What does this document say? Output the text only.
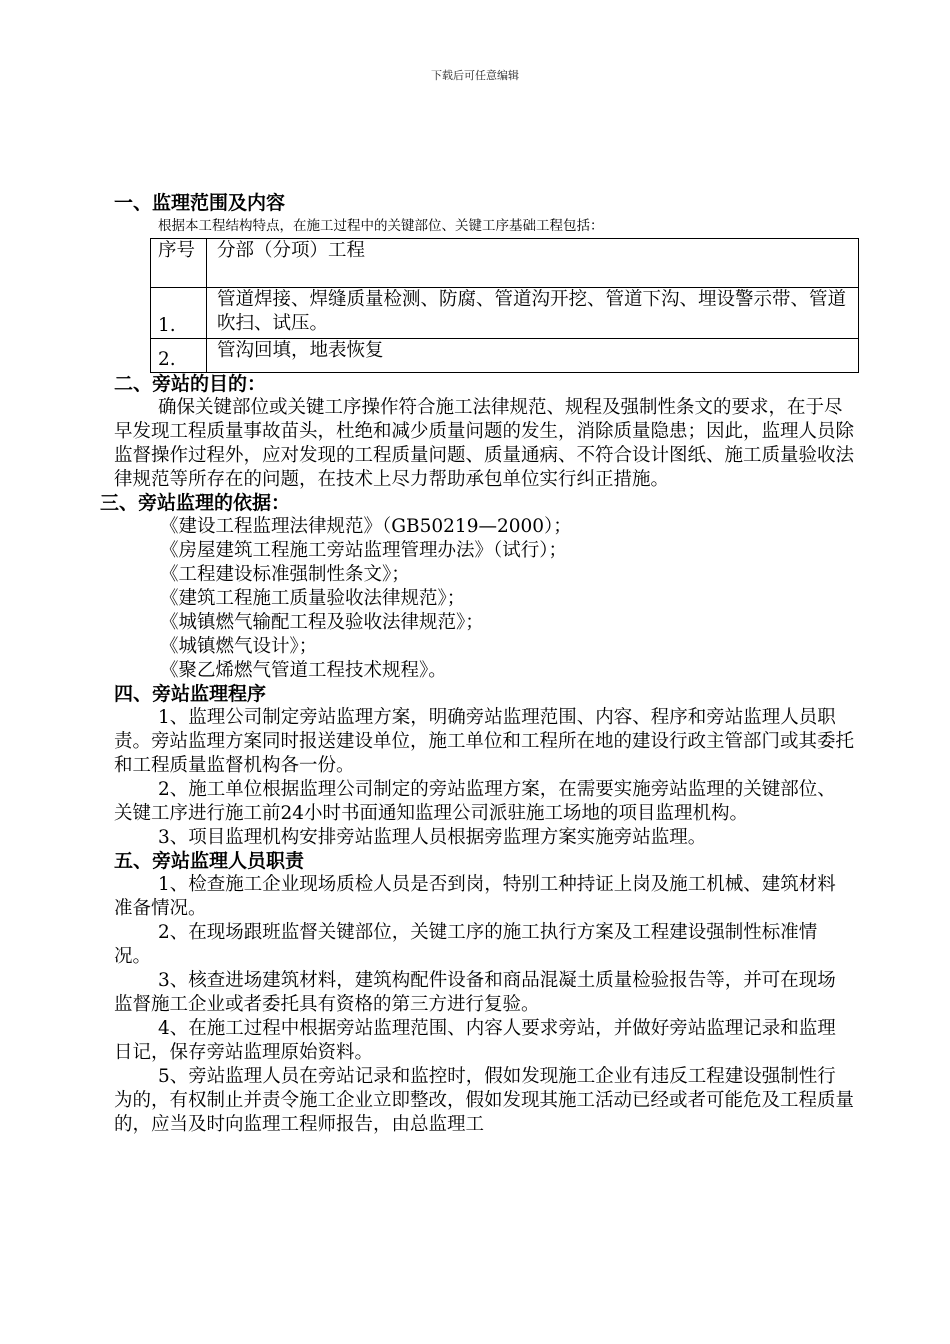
下载后可任意编辑
一、监理范围及内容
根据本工程结构特点，在施工过程中的关键部位、关键工序基础工程包括：
序号	分部（分项）工程
1.	管道焊接、焊缝质量检测、防腐、管道沟开挖、管道下沟、埋设警示带、管道吹扫、试压。
2.	管沟回填，地表恢复
二、旁站的目的：

确保关键部位或关键工序操作符合施工法律规范、规程及强制性条文的要求，在于尽早发现工程质量事故苗头，杜绝和减少质量问题的发生，消除质量隐患；因此，监理人员除监督操作过程外，应对发现的工程质量问题、质量通病、不符合设计图纸、施工质量验收法律规范等所存在的问题，在技术上尽力帮助承包单位实行纠正措施。

三、旁站监理的依据：
《建设工程监理法律规范》（GB50219—2000）；
《房屋建筑工程施工旁站监理管理办法》（试行）；
《工程建设标准强制性条文》；
《建筑工程施工质量验收法律规范》；
《城镇燃气输配工程及验收法律规范》；
《城镇燃气设计》；
《聚乙烯燃气管道工程技术规程》。
四、旁站监理程序

1、监理公司制定旁站监理方案，明确旁站监理范围、内容、程序和旁站监理人员职责。旁站监理方案同时报送建设单位，施工单位和工程所在地的建设行政主管部门或其委托和工程质量监督机构各一份。

2、施工单位根据监理公司制定的旁站监理方案，在需要实施旁站监理的关键部位、关键工序进行施工前24小时书面通知监理公司派驻施工场地的项目监理机构。

3、项目监理机构安排旁站监理人员根据旁监理方案实施旁站监理。

五、旁站监理人员职责

1、检查施工企业现场质检人员是否到岗，特别工种持证上岗及施工机械、建筑材料准备情况。

2、在现场跟班监督关键部位，关键工序的施工执行方案及工程建设强制性标准情况。

3、核查进场建筑材料，建筑构配件设备和商品混凝土质量检验报告等，并可在现场监督施工企业或者委托具有资格的第三方进行复验。

4、在施工过程中根据旁站监理范围、内容人要求旁站，并做好旁站监理记录和监理日记，保存旁站监理原始资料。

5、旁站监理人员在旁站记录和监控时，假如发现施工企业有违反工程建设强制性行为的，有权制止并责令施工企业立即整改，假如发现其施工活动已经或者可能危及工程质量的，应当及时向监理工程师报告，由总监理工
